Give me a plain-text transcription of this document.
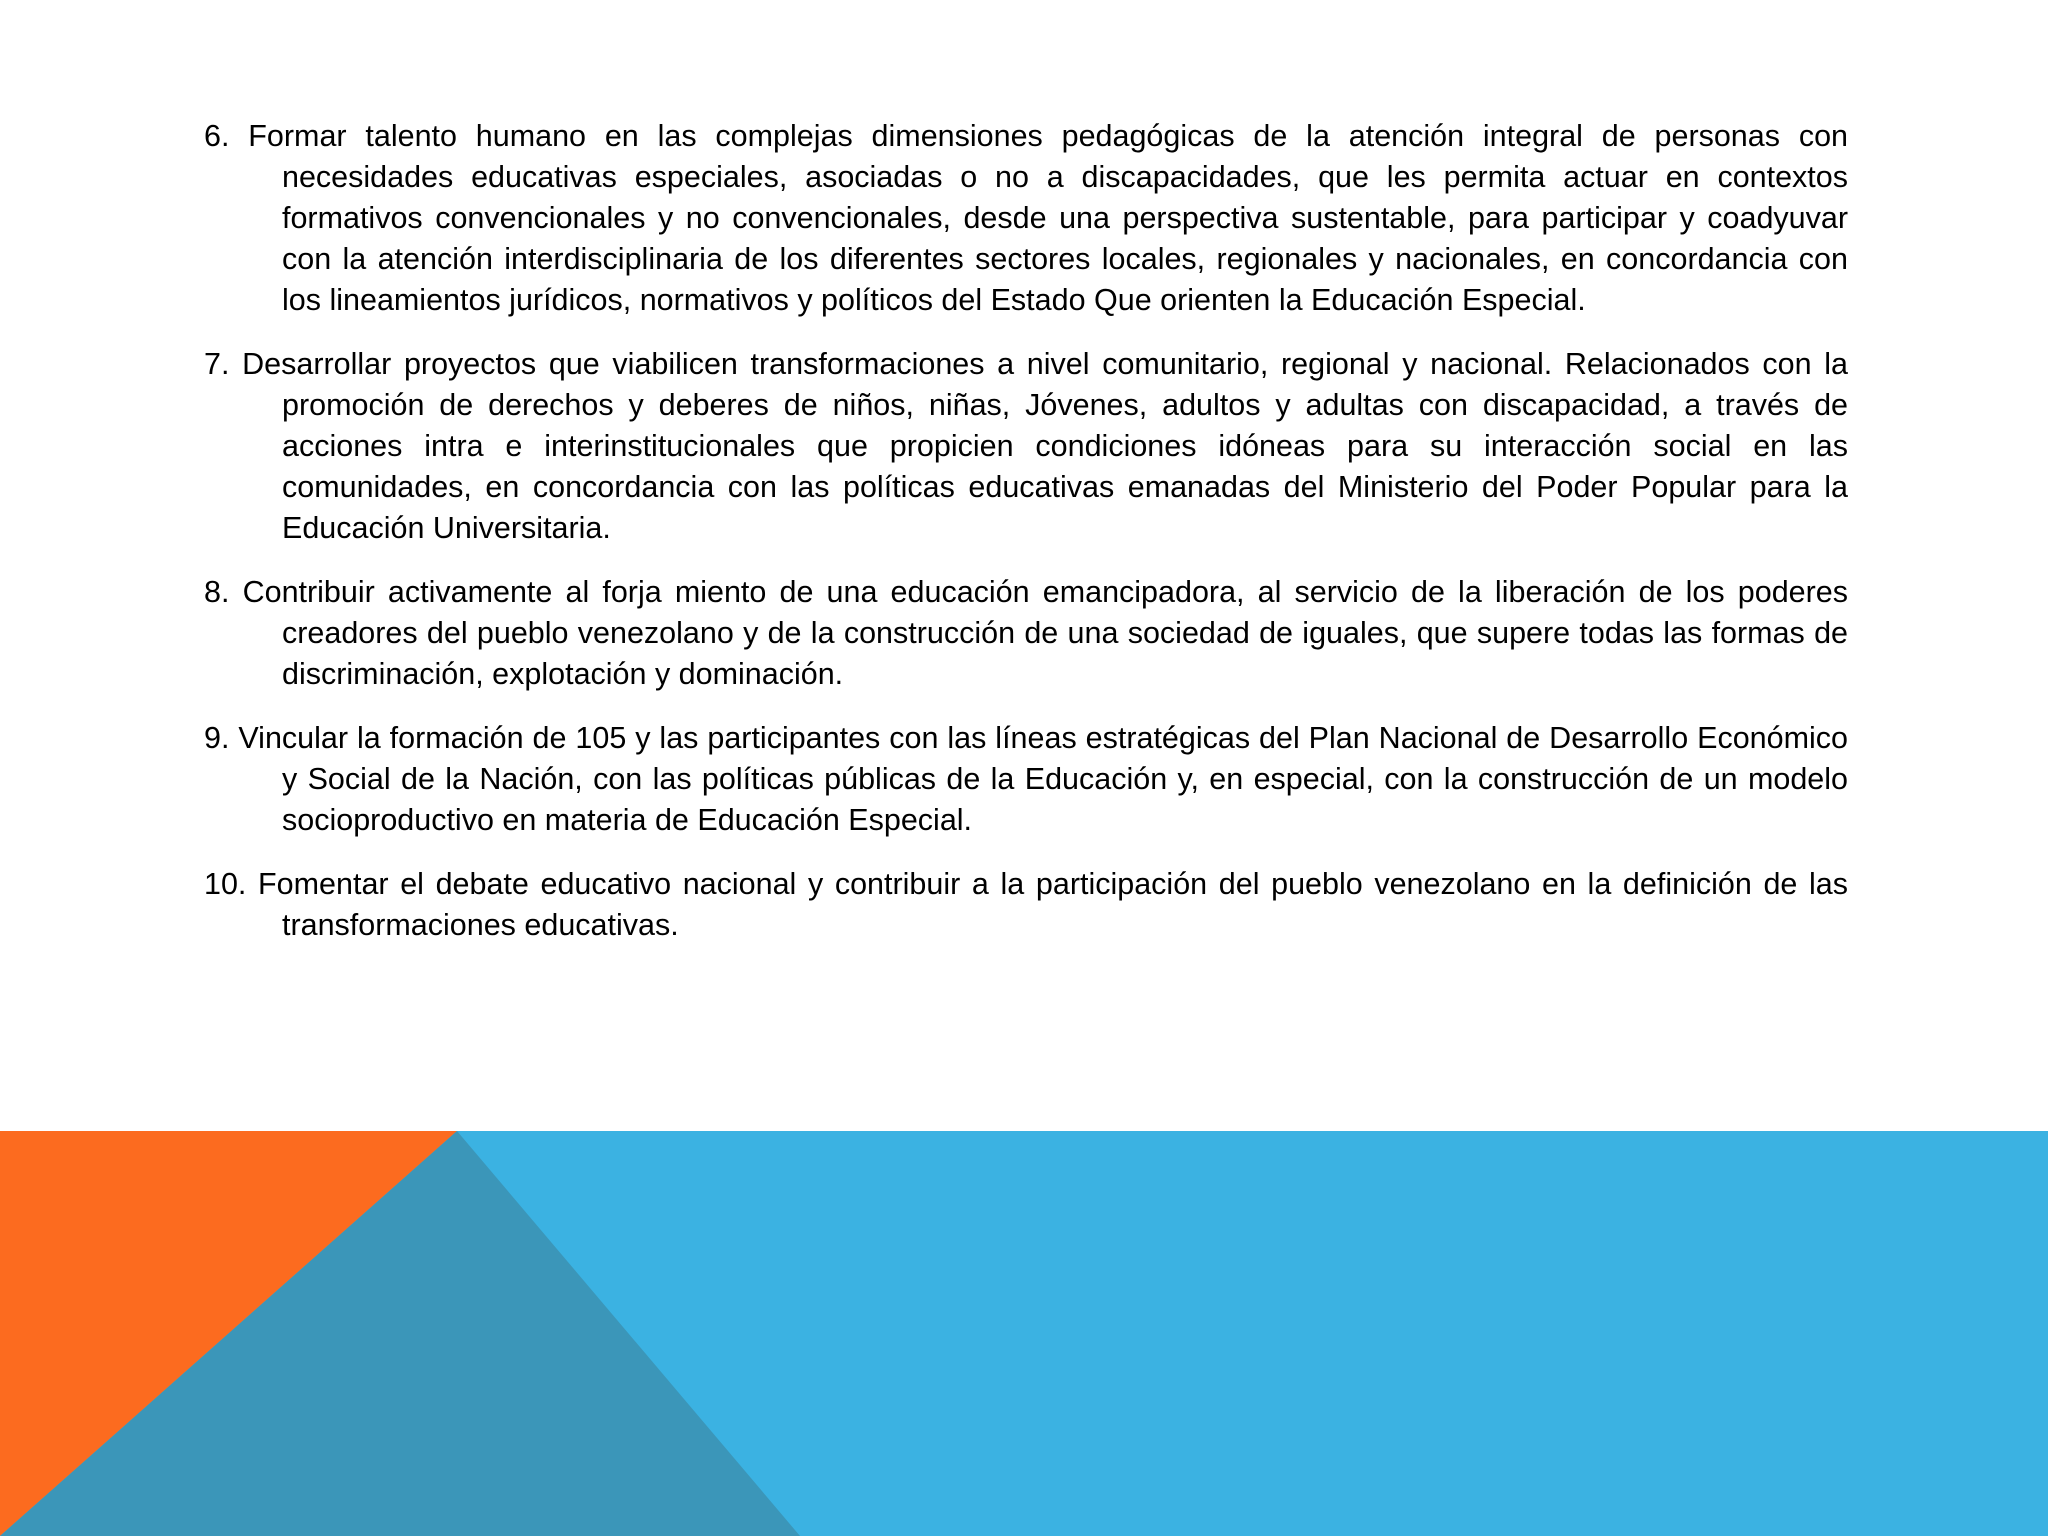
6. Formar talento humano en las complejas dimensiones pedagógicas de la atención integral de personas con necesidades educativas especiales, asociadas o no a discapacidades, que les permita actuar en contextos formativos convencionales y no convencionales, desde una perspectiva sustentable, para participar y coadyuvar con la atención interdisciplinaria de los diferentes sectores locales, regionales y nacionales, en concordancia con los lineamientos jurídicos, normativos y políticos del Estado Que orienten la Educación Especial.
7. Desarrollar proyectos que viabilicen transformaciones a nivel comunitario, regional y nacional. Relacionados con la promoción de derechos y deberes de niños, niñas, Jóvenes, adultos y adultas con discapacidad, a través de acciones intra e interinstitucionales que propicien condiciones idóneas para su interacción social en las comunidades, en concordancia con las políticas educativas emanadas del Ministerio del Poder Popular para la Educación Universitaria.
8. Contribuir activamente al forja miento de una educación emancipadora, al servicio de la liberación de los poderes creadores del pueblo venezolano y de la construcción de una sociedad de iguales, que supere todas las formas de discriminación, explotación y dominación.
9. Vincular la formación de 105 y las participantes con las líneas estratégicas del Plan Nacional de Desarrollo Económico y Social de la Nación, con las políticas públicas de la Educación y, en especial, con la construcción de un modelo socioproductivo en materia de Educación Especial.
10. Fomentar el debate educativo nacional y contribuir a la participación del pueblo venezolano en la definición de las transformaciones educativas.
